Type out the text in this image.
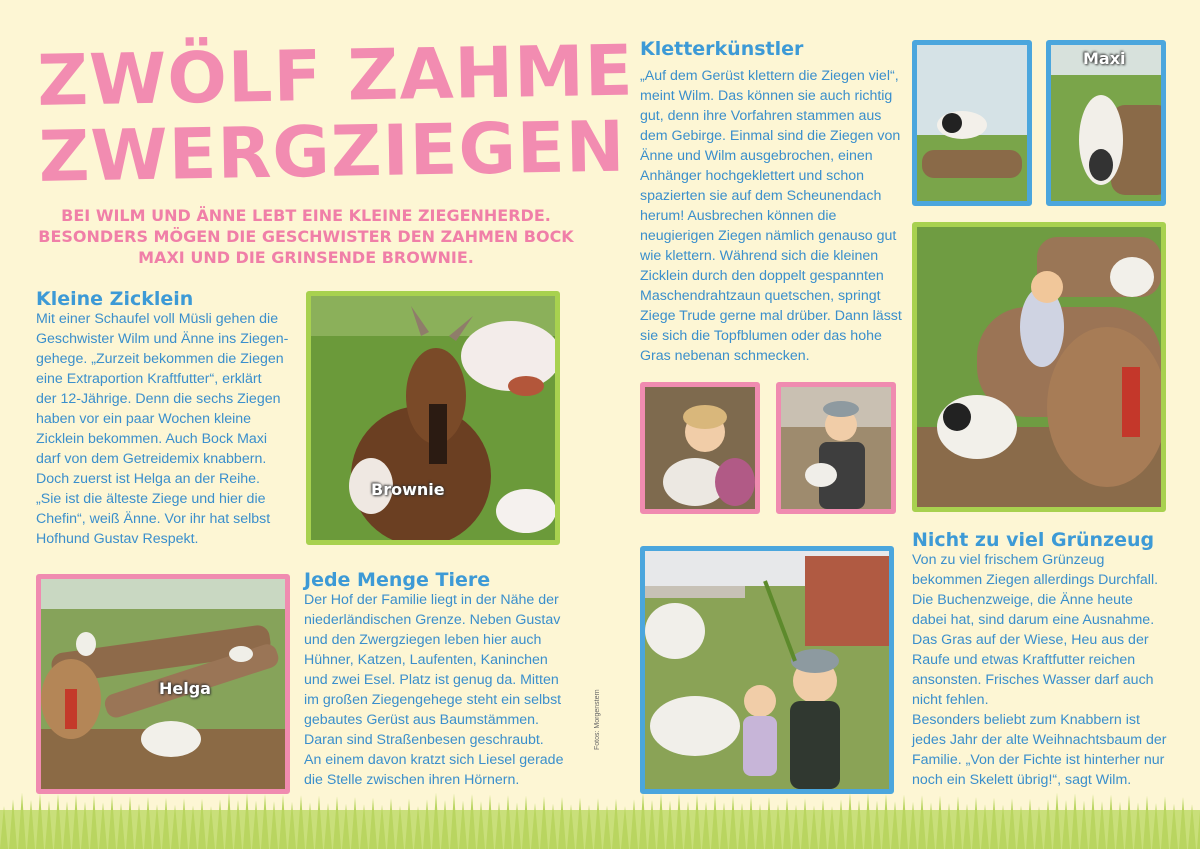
ZWÖLF ZAHME
ZWERGZIEGEN
BEI WILM UND ÄNNE LEBT EINE KLEINE ZIEGENHERDE. BESONDERS MÖGEN DIE GESCHWISTER DEN ZAHMEN BOCK MAXI UND DIE GRINSENDE BROWNIE.
Kleine Zicklein
Mit einer Schaufel voll Müsli gehen die
Geschwister Wilm und Änne ins Ziegen-
gehege. „Zurzeit bekommen die Ziegen
eine Extraportion Kraftfutter“, erklärt
der 12-Jährige. Denn die sechs Ziegen
haben vor ein paar Wochen kleine
Zicklein bekommen. Auch Bock Maxi
darf von dem Getreidemix knabbern.
Doch zuerst ist Helga an der Reihe.
„Sie ist die älteste Ziege und hier die
Chefin“, weiß Änne. Vor ihr hat selbst
Hofhund Gustav Respekt.
Brownie
Helga
Jede Menge Tiere
Der Hof der Familie liegt in der Nähe der
niederländischen Grenze. Neben Gustav
und den Zwergziegen leben hier auch
Hühner, Katzen, Laufenten, Kaninchen
und zwei Esel. Platz ist genug da. Mitten
im großen Ziegengehege steht ein selbst
gebautes Gerüst aus Baumstämmen.
Daran sind Straßenbesen geschraubt.
An einem davon kratzt sich Liesel gerade
die Stelle zwischen ihren Hörnern.
Kletterkünstler
„Auf dem Gerüst klettern die Ziegen viel“,
meint Wilm. Das können sie auch richtig
gut, denn ihre Vorfahren stammen aus
dem Gebirge. Einmal sind die Ziegen von
Änne und Wilm ausgebrochen, einen
Anhänger hochgeklettert und schon
spazierten sie auf dem Scheunendach
herum! Ausbrechen können die
neugierigen Ziegen nämlich genauso gut
wie klettern. Während sich die kleinen
Zicklein durch den doppelt gespannten
Maschendrahtzaun quetschen, springt
Ziege Trude gerne mal drüber. Dann lässt
sie sich die Topfblumen oder das hohe
Gras nebenan schmecken.
Maxi
Nicht zu viel Grünzeug
Von zu viel frischem Grünzeug
bekommen Ziegen allerdings Durchfall.
Die Buchenzweige, die Änne heute
dabei hat, sind darum eine Ausnahme.
Das Gras auf der Wiese, Heu aus der
Raufe und etwas Kraftfutter reichen
ansonsten. Frisches Wasser darf auch
nicht fehlen.
Besonders beliebt zum Knabbern ist
jedes Jahr der alte Weihnachtsbaum der
Familie. „Von der Fichte ist hinterher nur
noch ein Skelett übrig!“, sagt Wilm.
Fotos: Morgenstern
